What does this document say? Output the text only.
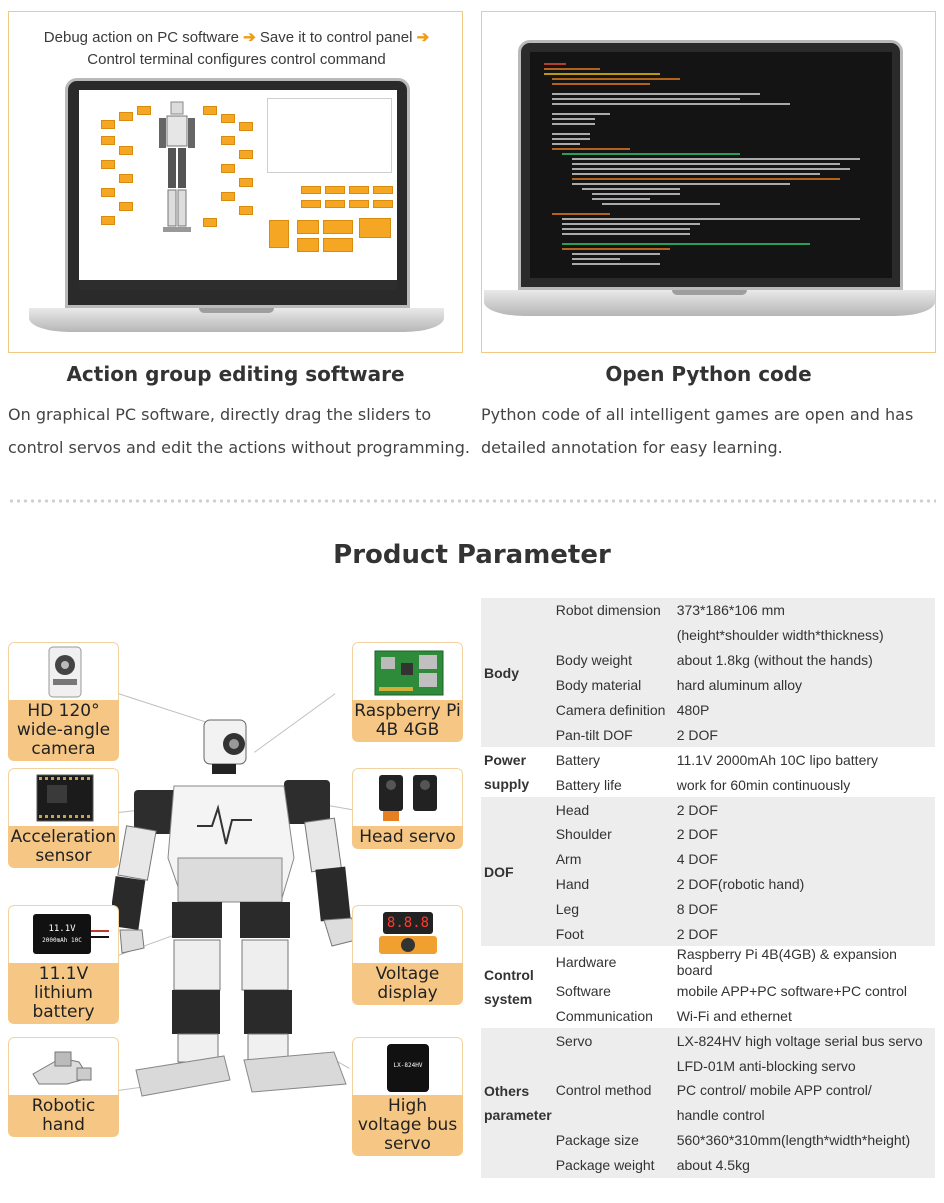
Debug action on PC software ➔ Save it to control panel ➔
Control terminal configures control command
Action group editing software	Open Python code
On graphical PC software, directly drag the sliders to control servos and edit the actions without programming.
Python code of all intelligent games are open and has detailed annotation for easy learning.
Product Parameter
HD 120° wide-angle camera
Acceleration sensor
11.1V
2000mAh 10C
11.1V lithium battery
Robotic hand
Raspberry Pi 4B 4GB
Head servo
8.8.8
Voltage display
LX-824HV
High voltage bus servo
Body	Robot dimension	373*186*106 mm
		(height*shoulder width*thickness)
	Body weight	about 1.8kg (without the hands)
	Body material	hard aluminum alloy
	Camera definition	480P
	Pan-tilt DOF	2 DOF
Power supply	Battery	11.1V 2000mAh 10C lipo battery
	Battery life	work for 60min continuously
DOF	Head	2 DOF
	Shoulder	2 DOF
	Arm	4 DOF
	Hand	2 DOF(robotic hand)
	Leg	8 DOF
	Foot	2 DOF
Control system	Hardware	Raspberry Pi 4B(4GB) & expansion board
	Software	mobile APP+PC software+PC control
	Communication	Wi-Fi and ethernet
Others parameter	Servo	LX-824HV high voltage serial bus servo
		LFD-01M anti-blocking servo
	Control method	PC control/ mobile APP control/
		handle control
	Package size	560*360*310mm(length*width*height)
	Package weight	about 4.5kg
